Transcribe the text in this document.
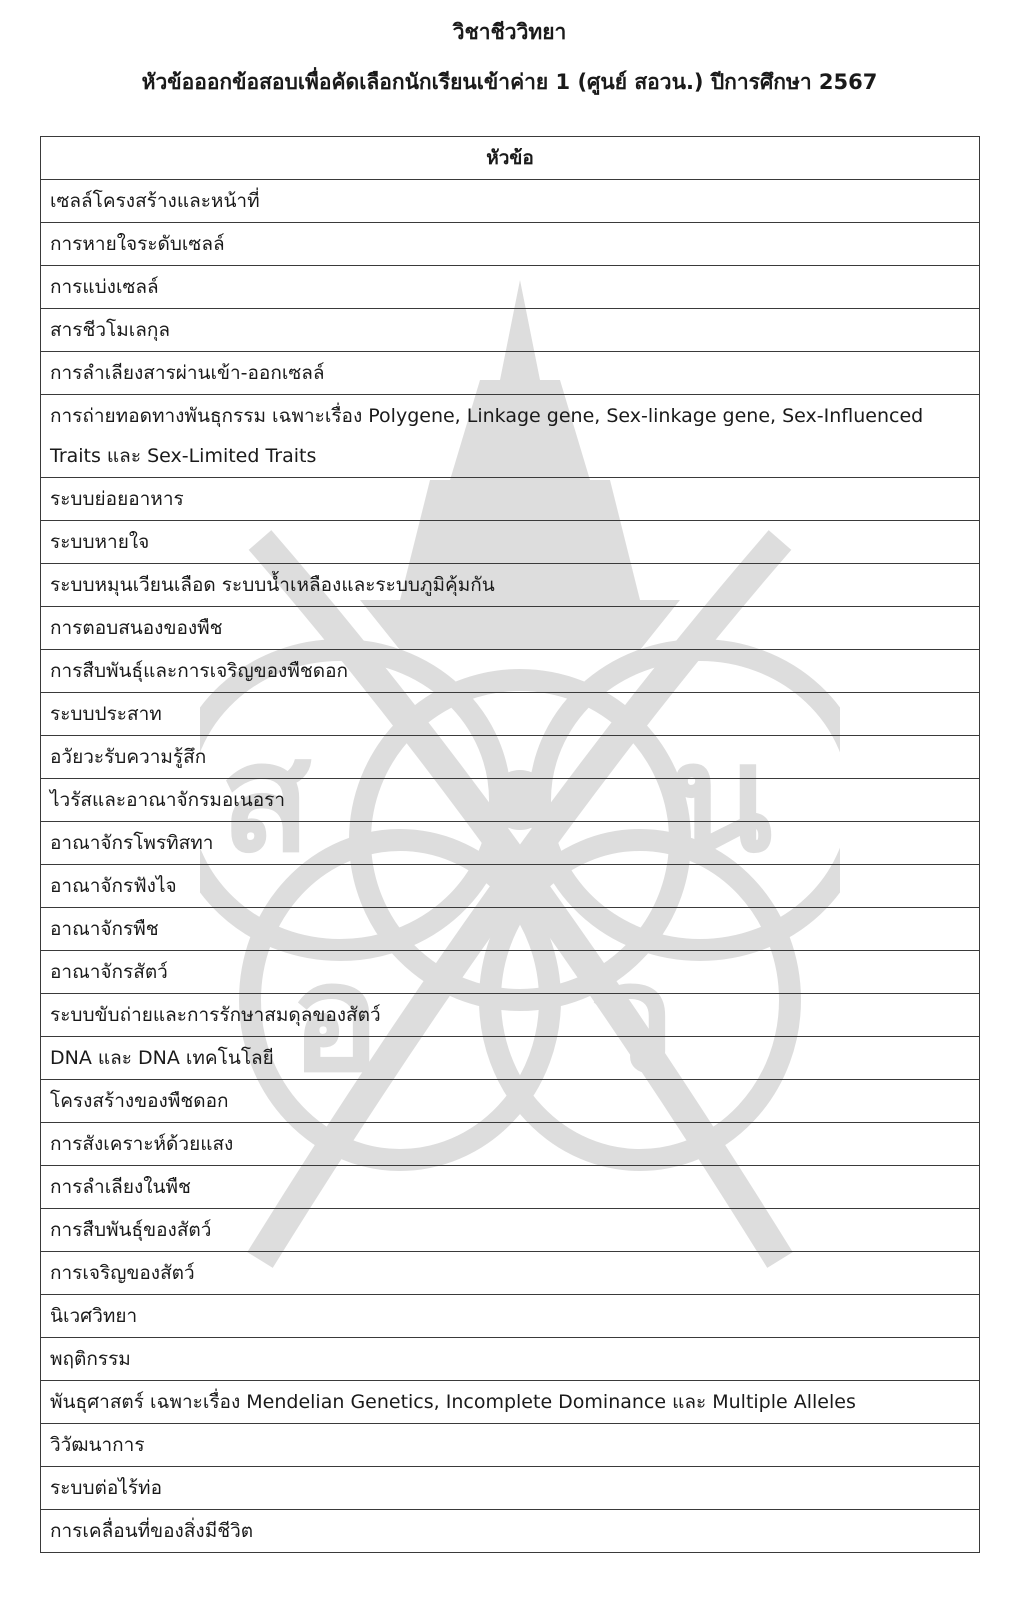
ส
อ ว
น
วิชาชีววิทยา
หัวข้อออกข้อสอบเพื่อคัดเลือกนักเรียนเข้าค่าย 1 (ศูนย์ สอวน.) ปีการศึกษา 2567
หัวข้อ
เซลล์โครงสร้างและหน้าที่
การหายใจระดับเซลล์
การแบ่งเซลล์
สารชีวโมเลกุล
การลำเลียงสารผ่านเข้า-ออกเซลล์
การถ่ายทอดทางพันธุกรรม เฉพาะเรื่อง Polygene, Linkage gene, Sex-linkage gene, Sex-Influenced Traits และ Sex-Limited Traits
ระบบย่อยอาหาร
ระบบหายใจ
ระบบหมุนเวียนเลือด ระบบน้ำเหลืองและระบบภูมิคุ้มกัน
การตอบสนองของพืช
การสืบพันธุ์และการเจริญของพืชดอก
ระบบประสาท
อวัยวะรับความรู้สึก
ไวรัสและอาณาจักรมอเนอรา
อาณาจักรโพรทิสทา
อาณาจักรฟังไจ
อาณาจักรพืช
อาณาจักรสัตว์
ระบบขับถ่ายและการรักษาสมดุลของสัตว์
DNA และ DNA เทคโนโลยี
โครงสร้างของพืชดอก
การสังเคราะห์ด้วยแสง
การลำเลียงในพืช
การสืบพันธุ์ของสัตว์
การเจริญของสัตว์
นิเวศวิทยา
พฤติกรรม
พันธุศาสตร์ เฉพาะเรื่อง Mendelian Genetics, Incomplete Dominance และ Multiple Alleles
วิวัฒนาการ
ระบบต่อไร้ท่อ
การเคลื่อนที่ของสิ่งมีชีวิต
